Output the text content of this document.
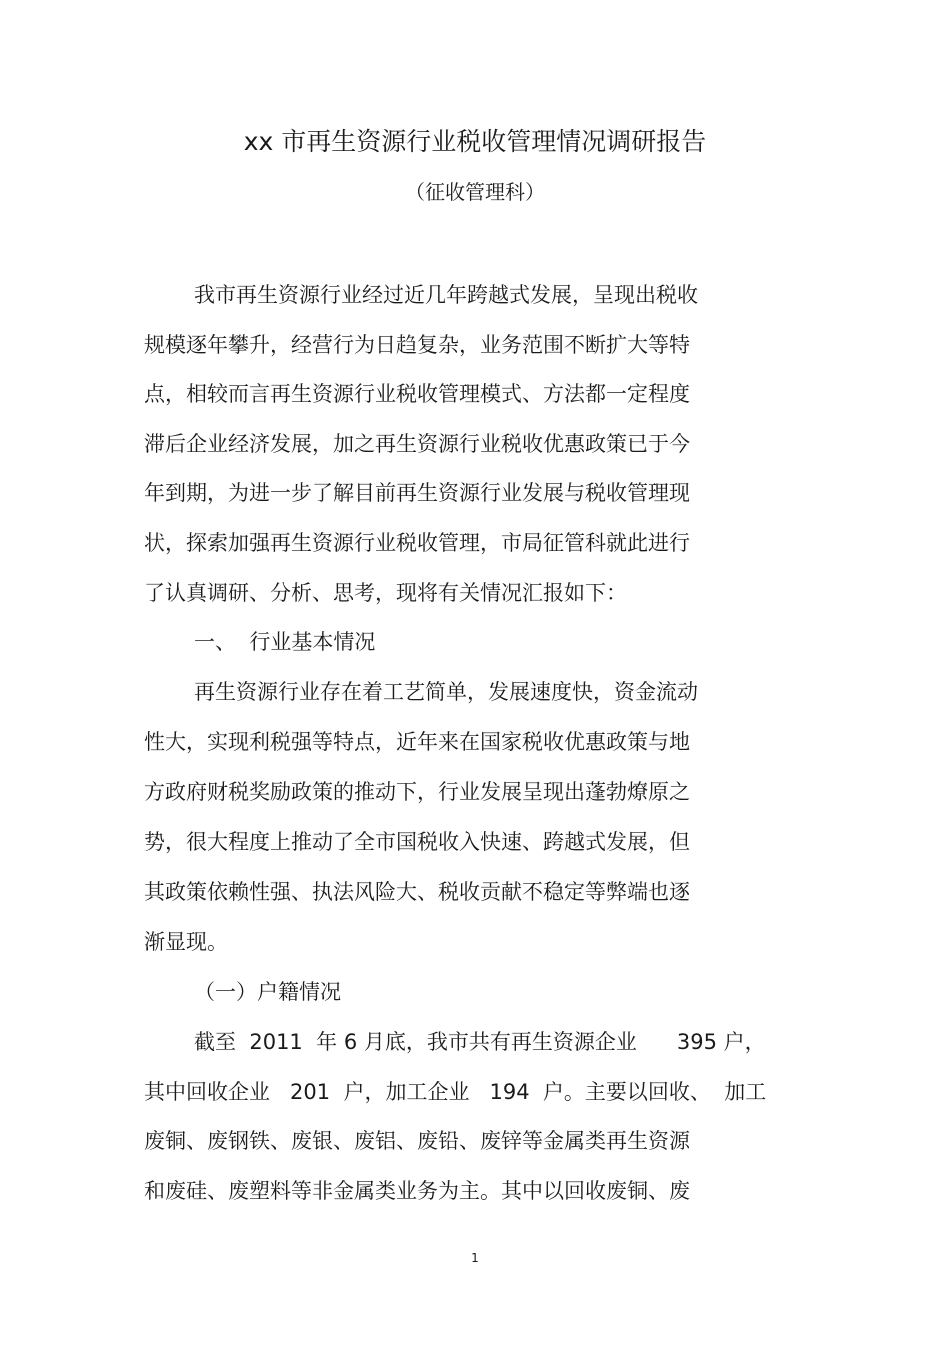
xx 市再生资源行业税收管理情况调研报告
（征收管理科）
我市再生资源行业经过近几年跨越式发展，呈现出税收
规模逐年攀升，经营行为日趋复杂，业务范围不断扩大等特
点，相较而言再生资源行业税收管理模式、方法都一定程度
滞后企业经济发展，加之再生资源行业税收优惠政策已于今
年到期，为进一步了解目前再生资源行业发展与税收管理现
状，探索加强再生资源行业税收管理，市局征管科就此进行
了认真调研、分析、思考，现将有关情况汇报如下：
一、  行业基本情况
再生资源行业存在着工艺简单，发展速度快，资金流动
性大，实现利税强等特点，近年来在国家税收优惠政策与地
方政府财税奖励政策的推动下，行业发展呈现出蓬勃燎原之
势，很大程度上推动了全市国税收入快速、跨越式发展，但
其政策依赖性强、执法风险大、税收贡献不稳定等弊端也逐
渐显现。
（一）户籍情况
截至  2011  年 6 月底，我市共有再生资源企业      395 户，
其中回收企业   201  户，加工企业   194  户。主要以回收、  加工
废铜、废钢铁、废银、废铝、废铅、废锌等金属类再生资源
和废硅、废塑料等非金属类业务为主。其中以回收废铜、废
1
